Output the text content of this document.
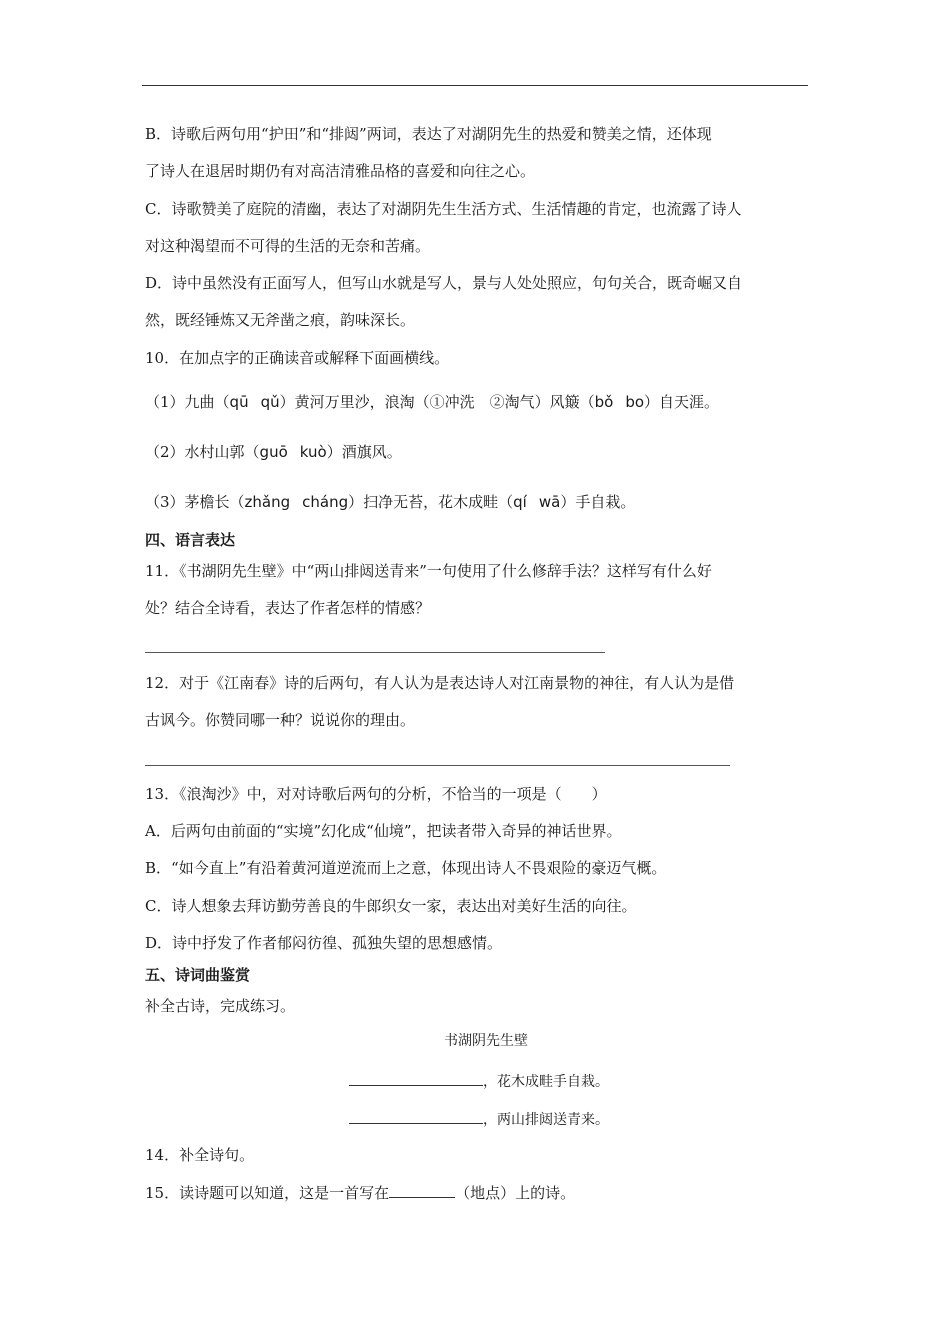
B．诗歌后两句用“护田”和“排闼”两词，表达了对湖阴先生的热爱和赞美之情，还体现
了诗人在退居时期仍有对高洁清雅品格的喜爱和向往之心。
C．诗歌赞美了庭院的清幽，表达了对湖阴先生生活方式、生活情趣的肯定，也流露了诗人
对这种渴望而不可得的生活的无奈和苦痛。
D．诗中虽然没有正面写人，但写山水就是写人，景与人处处照应，句句关合，既奇崛又自
然，既经锤炼又无斧凿之痕，韵味深长。
10．在加点字的正确读音或解释下面画横线。
（1）九曲（qū qǔ）黄河万里沙，浪淘（①冲洗　②淘气）风簸（bǒ bo）自天涯。
（2）水村山郭（guō kuò）酒旗风。
（3）茅檐长（zhǎng cháng）扫净无苔，花木成畦（qí wā）手自栽。
四、语言表达
11．《书湖阴先生壁》中“两山排闼送青来”一句使用了什么修辞手法？这样写有什么好
处？结合全诗看，表达了作者怎样的情感？
12．对于《江南春》诗的后两句，有人认为是表达诗人对江南景物的神往，有人认为是借
古讽今。你赞同哪一种？说说你的理由。
13．《浪淘沙》中，对对诗歌后两句的分析，不恰当的一项是（　　）
A．后两句由前面的“实境”幻化成“仙境”，把读者带入奇异的神话世界。
B．“如今直上”有沿着黄河道逆流而上之意，体现出诗人不畏艰险的豪迈气概。
C．诗人想象去拜访勤劳善良的牛郎织女一家，表达出对美好生活的向往。
D．诗中抒发了作者郁闷彷徨、孤独失望的思想感情。
五、诗词曲鉴赏
补全古诗，完成练习。
书湖阴先生壁
，花木成畦手自栽。
，两山排闼送青来。
14．补全诗句。
15．读诗题可以知道，这是一首写在	（地点）上的诗。
